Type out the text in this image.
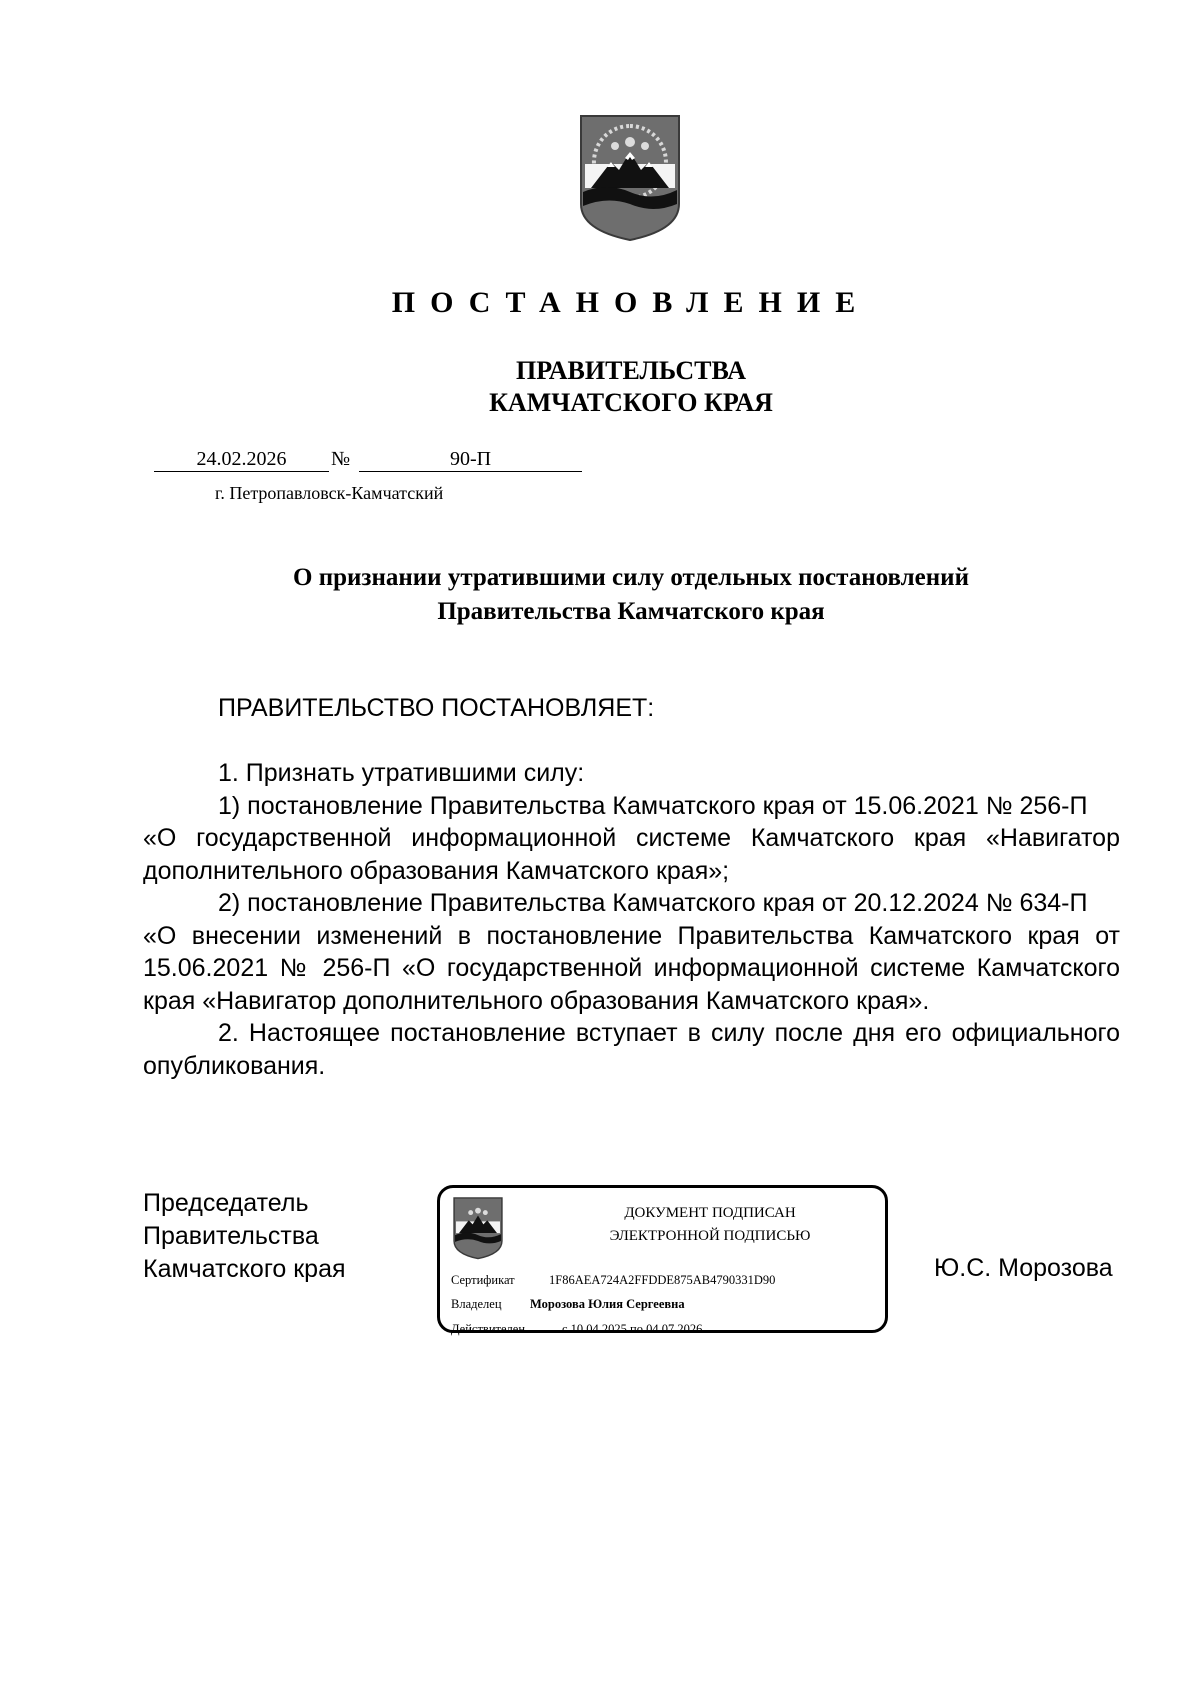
ПОСТАНОВЛЕНИЕ
ПРАВИТЕЛЬСТВА
КАМЧАТСКОГО КРАЯ
24.02.2026	№	90-П
г. Петропавловск-Камчатский
О признании утратившими силу отдельных постановлений
Правительства Камчатского края
ПРАВИТЕЛЬСТВО ПОСТАНОВЛЯЕТ:

1. Признать утратившими силу:

1) постановление Правительства Камчатского края от 15.06.2021 № 256-П

«О государственной информационной системе Камчатского края «Навигатор дополнительного образования Камчатского края»;

2) постановление Правительства Камчатского края от 20.12.2024 № 634-П

«О внесении изменений в постановление Правительства Камчатского края от 15.06.2021 № 256-П «О государственной информационной системе Камчатского края «Навигатор дополнительного образования Камчатского края».

2. Настоящее постановление вступает в силу после дня его официального опубликования.

Председатель
Правительства
Камчатского края
ДОКУМЕНТ ПОДПИСАН
ЭЛЕКТРОННОЙ ПОДПИСЬЮ
Сертификат	1F86AEA724A2FFDDE875AB4790331D90
Владелец Морозова Юлия Сергеевна
Действителен	с 10.04.2025 по 04.07.2026
Ю.С. Морозова
